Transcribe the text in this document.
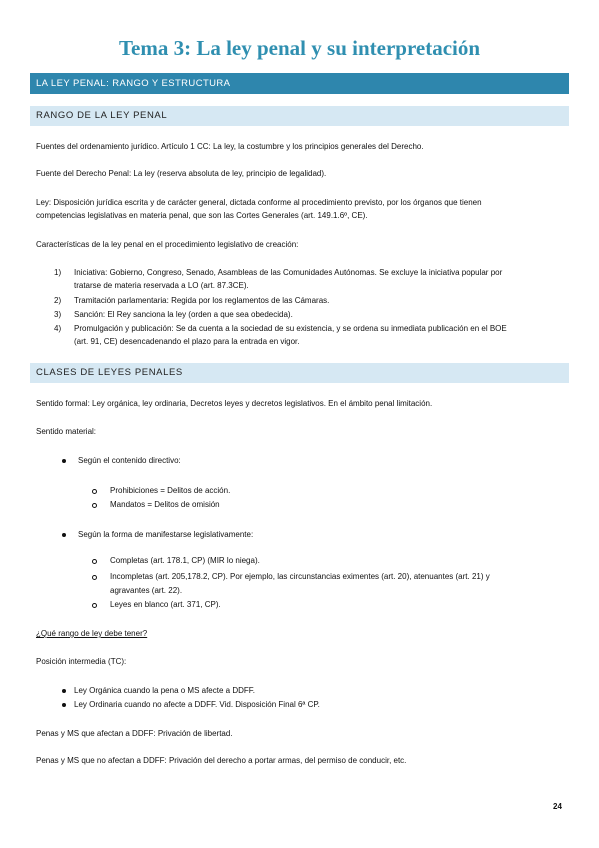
Tema 3: La ley penal y su interpretación
LA LEY PENAL: RANGO Y ESTRUCTURA
RANGO DE LA LEY PENAL
Fuentes del ordenamiento jurídico. Artículo 1 CC: La ley, la costumbre y los principios generales del Derecho.
Fuente del Derecho Penal: La ley (reserva absoluta de ley, principio de legalidad).
Ley: Disposición jurídica escrita y de carácter general, dictada conforme al procedimiento previsto, por los órganos que tienen
competencias legislativas en materia penal, que son las Cortes Generales (art. 149.1.6º, CE).
Características de la ley penal en el procedimiento legislativo de creación:
1) Iniciativa: Gobierno, Congreso, Senado, Asambleas de las Comunidades Autónomas. Se excluye la iniciativa popular por
tratarse de materia reservada a LO (art. 87.3CE).
2) Tramitación parlamentaria: Regida por los reglamentos de las Cámaras.
3) Sanción: El Rey sanciona la ley (orden a que sea obedecida).
4) Promulgación y publicación: Se da cuenta a la sociedad de su existencia, y se ordena su inmediata publicación en el BOE
(art. 91, CE) desencadenando el plazo para la entrada en vigor.
CLASES DE LEYES PENALES
Sentido formal: Ley orgánica, ley ordinaria, Decretos leyes y decretos legislativos. En el ámbito penal limitación.
Sentido material:
Según el contenido directivo:
Prohibiciones = Delitos de acción.
Mandatos = Delitos de omisión
Según la forma de manifestarse legislativamente:
Completas (art. 178.1, CP) (MIR lo niega).
Incompletas (art. 205,178.2, CP). Por ejemplo, las circunstancias eximentes (art. 20), atenuantes (art. 21) y
agravantes (art. 22).
Leyes en blanco (art. 371, CP).
¿Qué rango de ley debe tener?
Posición intermedia (TC):
Ley Orgánica cuando la pena o MS afecte a DDFF.
Ley Ordinaria cuando no afecte a DDFF. Vid. Disposición Final 6ª CP.
Penas y MS que afectan a DDFF: Privación de libertad.
Penas y MS que no afectan a DDFF: Privación del derecho a portar armas, del permiso de conducir, etc.
24
